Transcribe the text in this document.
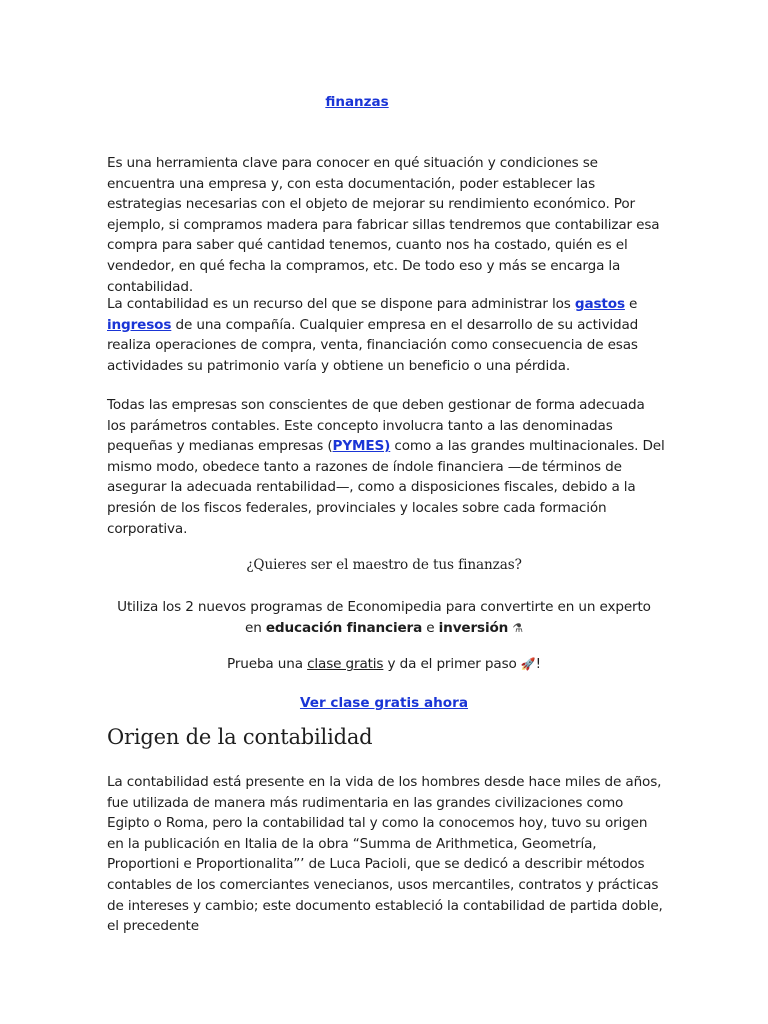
finanzas
Es una herramienta clave para conocer en qué situación y condiciones se encuentra una empresa y, con esta documentación, poder establecer las estrategias necesarias con el objeto de mejorar su rendimiento económico. Por ejemplo, si compramos madera para fabricar sillas tendremos que contabilizar esa compra para saber qué cantidad tenemos, cuanto nos ha costado, quién es el vendedor, en qué fecha la compramos, etc. De todo eso y más se encarga la contabilidad.
La contabilidad es un recurso del que se dispone para administrar los gastos e ingresos de una compañía. Cualquier empresa en el desarrollo de su actividad realiza operaciones de compra, venta, financiación como consecuencia de esas actividades su patrimonio varía y obtiene un beneficio o una pérdida.
Todas las empresas son conscientes de que deben gestionar de forma adecuada los parámetros contables. Este concepto involucra tanto a las denominadas pequeñas y medianas empresas (PYMES) como a las grandes multinacionales. Del mismo modo, obedece tanto a razones de índole financiera —de términos de asegurar la adecuada rentabilidad—, como a disposiciones fiscales, debido a la presión de los fiscos federales, provinciales y locales sobre cada formación corporativa.
¿Quieres ser el maestro de tus finanzas?
Utiliza los 2 nuevos programas de Economipedia para convertirte en un experto
en educación financiera e inversión ⚗
Prueba una clase gratis y da el primer paso 🚀!
Ver clase gratis ahora
Origen de la contabilidad
La contabilidad está presente en la vida de los hombres desde hace miles de años, fue utilizada de manera más rudimentaria en las grandes civilizaciones como Egipto o Roma, pero la contabilidad tal y como la conocemos hoy, tuvo su origen en la publicación en Italia de la obra “Summa de Arithmetica, Geometría, Proportioni e Proportionalita”’ de Luca Pacioli, que se dedicó a describir métodos contables de los comerciantes venecianos, usos mercantiles, contratos y prácticas de intereses y cambio; este documento estableció la contabilidad de partida doble, el precedente
